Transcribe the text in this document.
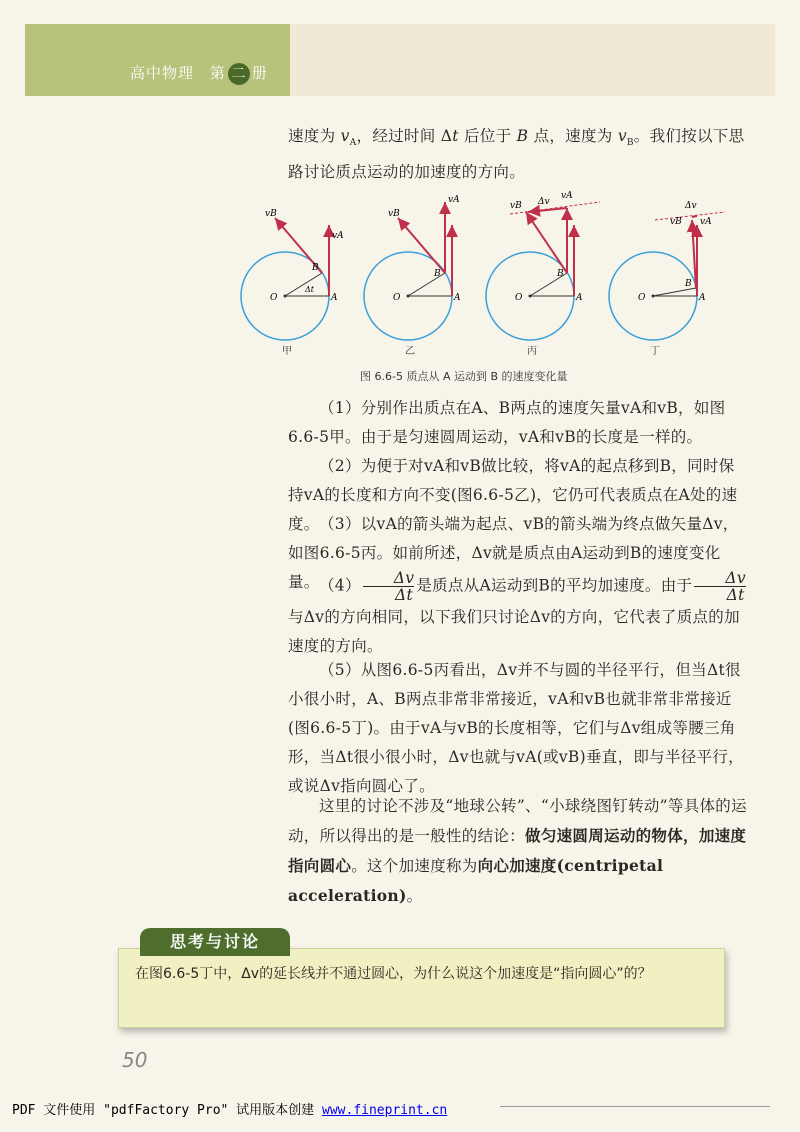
高中物理 第 二 册
速度为 $v_A$，经过时间 Δt 后位于 B 点，速度为 $v_B$。我们按以下思
路讨论质点运动的加速度的方向。
O	A
B
Δt
vA
vB
O	A
B
vA
vB
O	A
B
Δv
vA
vB
O	A
B
Δv
vA
vB
甲	乙	丙	丁
图 6.6-5 质点从 A 运动到 B 的速度变化量
（1）分别作出质点在A、B两点的速度矢量vA和vB，如图6.6-5甲。由于是匀速圆周运动，vA和vB的长度是一样的。
（2）为便于对vA和vB做比较，将vA的起点移到B，同时保持vA的长度和方向不变(图6.6-5乙)，它仍可代表质点在A处的速度。 （3）以vA的箭头端为起点、vB的箭头端为终点做矢量Δv，如图6.6-5丙。如前所述，Δv就是质点由A运动到B的速度变化量。 $(4) \frac{\Delta v}{\Delta t}$ 是质点从A运动到B的平均加速度。由于 $\frac{\Delta v}{\Delta t}$
与Δv的方向相同，以下我们只讨论Δv的方向，它代表了质点的加速度的方向。
（5）从图6.6-5丙看出，Δv并不与圆的半径平行，但当Δt很小很小时，A、B两点非常非常接近，vA和vB也就非常非常接近(图6.6-5丁)。由于vA与vB的长度相等，它们与Δv组成等腰三角形，当Δt很小很小时，Δv也就与vA(或vB)垂直，即与半径平行，或说Δv指向圆心了。
这里的讨论不涉及“地球公转”、“小球绕图钉转动”等具体的运动，所以得出的是一般性的结论：做匀速圆周运动的物体，加速度指向圆心。这个加速度称为向心加速度(centripetal acceleration)。
思考与讨论
在图6.6-5丁中，Δv的延长线并不通过圆心，为什么说这个加速度是“指向圆心”的？
50
PDF 文件使用 "pdfFactory Pro" 试用版本创建 www.fineprint.cn
